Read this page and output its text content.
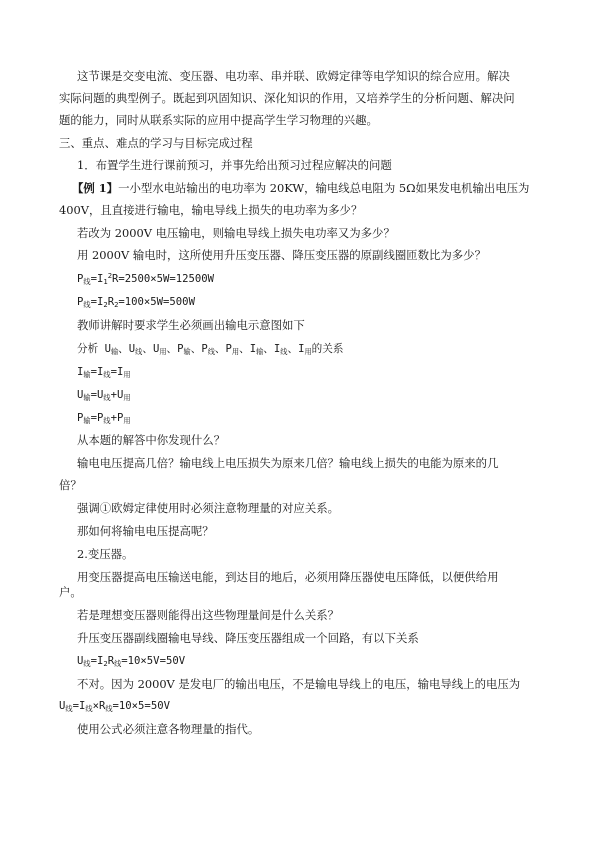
这节课是交变电流、变压器、电功率、串并联、欧姆定律等电学知识的综合应用。解决
实际问题的典型例子。既起到巩固知识、深化知识的作用，又培养学生的分析问题、解决问
题的能力，同时从联系实际的应用中提高学生学习物理的兴趣。
三、重点、难点的学习与目标完成过程
1．布置学生进行课前预习，并事先给出预习过程应解决的问题
【例 1】一小型水电站输出的电功率为 20KW，输电线总电阻为 5Ω如果发电机输出电压为
400V，且直接进行输电，输电导线上损失的电功率为多少？
若改为 2000V 电压输电，则输电导线上损失电功率又为多少？
用 2000V 输电时，这所使用升压变压器、降压变压器的原副线圈匝数比为多少？
$P_线=I_1^2R=2500\times 5W=12500W$
$P_线=I_2R_2=100\times 5W=500W$
教师讲解时要求学生必须画出输电示意图如下
分析 $U_输$、$U_线$、$U_用$、$P_输$、$P_线$、$P_用$、$I_输$、$I_线$、$I_用$的关系
$I_输=I_线=I_用$
$U_输=U_线+U_用$
$P_输=P_线+P_用$
从本题的解答中你发现什么？
输电电压提高几倍？输电线上电压损失为原来几倍？输电线上损失的电能为原来的几
倍？
强调①欧姆定律使用时必须注意物理量的对应关系。
那如何将输电电压提高呢？
2.变压器。
用变压器提高电压输送电能，到达目的地后，必须用降压器使电压降低，以便供给用
户。
若是理想变压器则能得出这些物理量间是什么关系？
升压变压器副线圈输电导线、降压变压器组成一个回路，有以下关系
$U_线=I_2R_线=10\times 5V=50V$
不对。因为 2000V 是发电厂的输出电压，不是输电导线上的电压，输电导线上的电压为
$U_线=I_线\times R_线=10\times 5=50V$
使用公式必须注意各物理量的指代。
